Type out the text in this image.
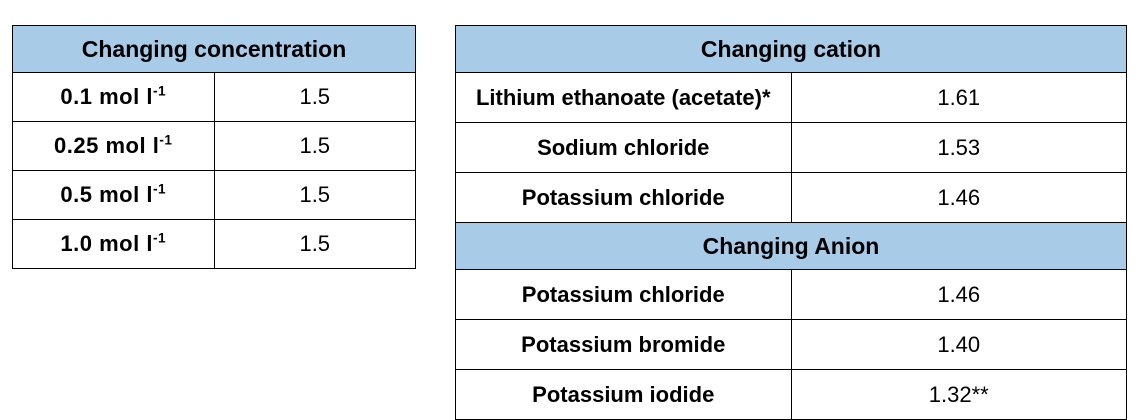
Changing concentration	
0.1 mol $l^{-1}$	1.5
0.25 mol $l^{-1}$	1.5
0.5 mol $l^{-1}$	1.5
1.0 mol $l^{-1}$	1.5
Changing cation	
Lithium ethanoate (acetate)*	1.61
Sodium chloride	1.53
Potassium chloride	1.46
Changing Anion	
Potassium chloride	1.46
Potassium bromide	1.40
Potassium iodide	1.32**
